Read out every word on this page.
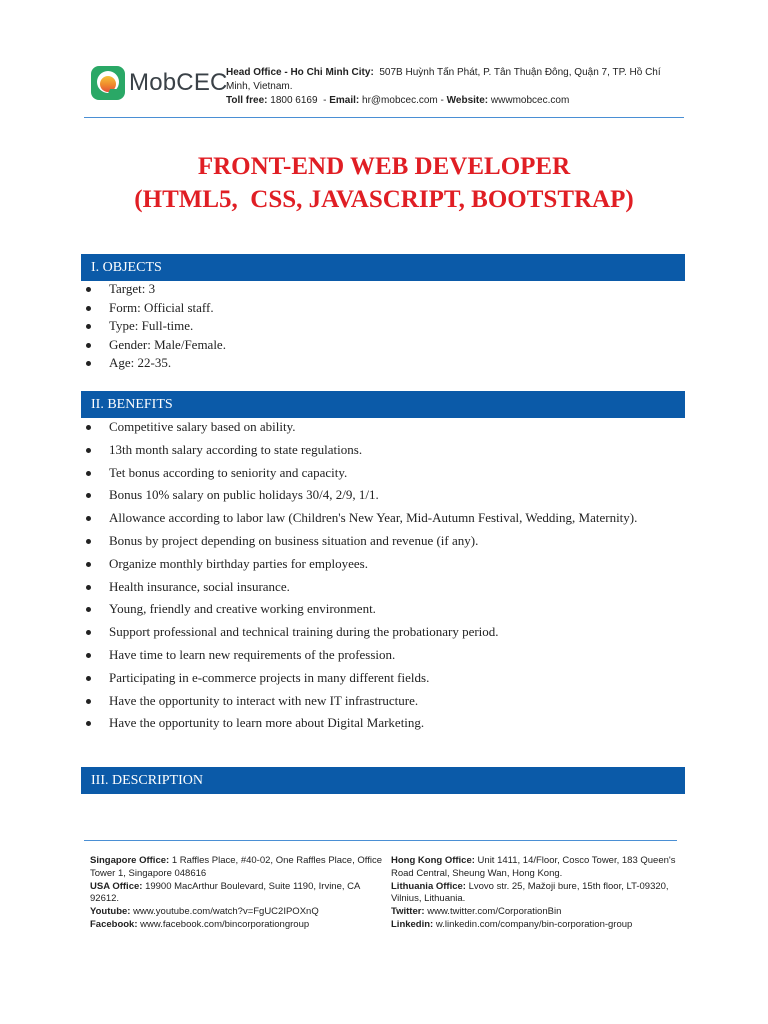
MobCEC
Head Office - Ho Chi Minh City: 507B Huỳnh Tấn Phát, P. Tân Thuận Đông, Quận 7, TP. Hồ Chí Minh, Vietnam.
Toll free: 1800 6169  - Email: hr@mobcec.com - Website: wwwmobcec.com
FRONT-END WEB DEVELOPER
(HTML5,  CSS, JAVASCRIPT, BOOTSTRAP)
I. OBJECTS
Target: 3
Form: Official staff.
Type: Full-time.
Gender: Male/Female.
Age: 22-35.
II. BENEFITS
Competitive salary based on ability.
13th month salary according to state regulations.
Tet bonus according to seniority and capacity.
Bonus 10% salary on public holidays 30/4, 2/9, 1/1.
Allowance according to labor law (Children's New Year, Mid-Autumn Festival, Wedding, Maternity).
Bonus by project depending on business situation and revenue (if any).
Organize monthly birthday parties for employees.
Health insurance, social insurance.
Young, friendly and creative working environment.
Support professional and technical training during the probationary period.
Have time to learn new requirements of the profession.
Participating in e-commerce projects in many different fields.
Have the opportunity to interact with new IT infrastructure.
Have the opportunity to learn more about Digital Marketing.
III. DESCRIPTION
Singapore Office: 1 Raffles Place, #40-02, One Raffles Place, Office Tower 1, Singapore 048616
USA Office: 19900 MacArthur Boulevard, Suite 1190, Irvine, CA 92612.
Youtube: www.youtube.com/watch?v=FgUC2IPOXnQ
Facebook: www.facebook.com/bincorporationgroup
Hong Kong Office: Unit 1411, 14/Floor, Cosco Tower, 183 Queen's Road Central, Sheung Wan, Hong Kong.
Lithuania Office: Lvovo str. 25, Mažoji bure, 15th floor, LT-09320, Vilnius, Lithuania.
Twitter: www.twitter.com/CorporationBin
Linkedin: w.linkedin.com/company/bin-corporation-group
